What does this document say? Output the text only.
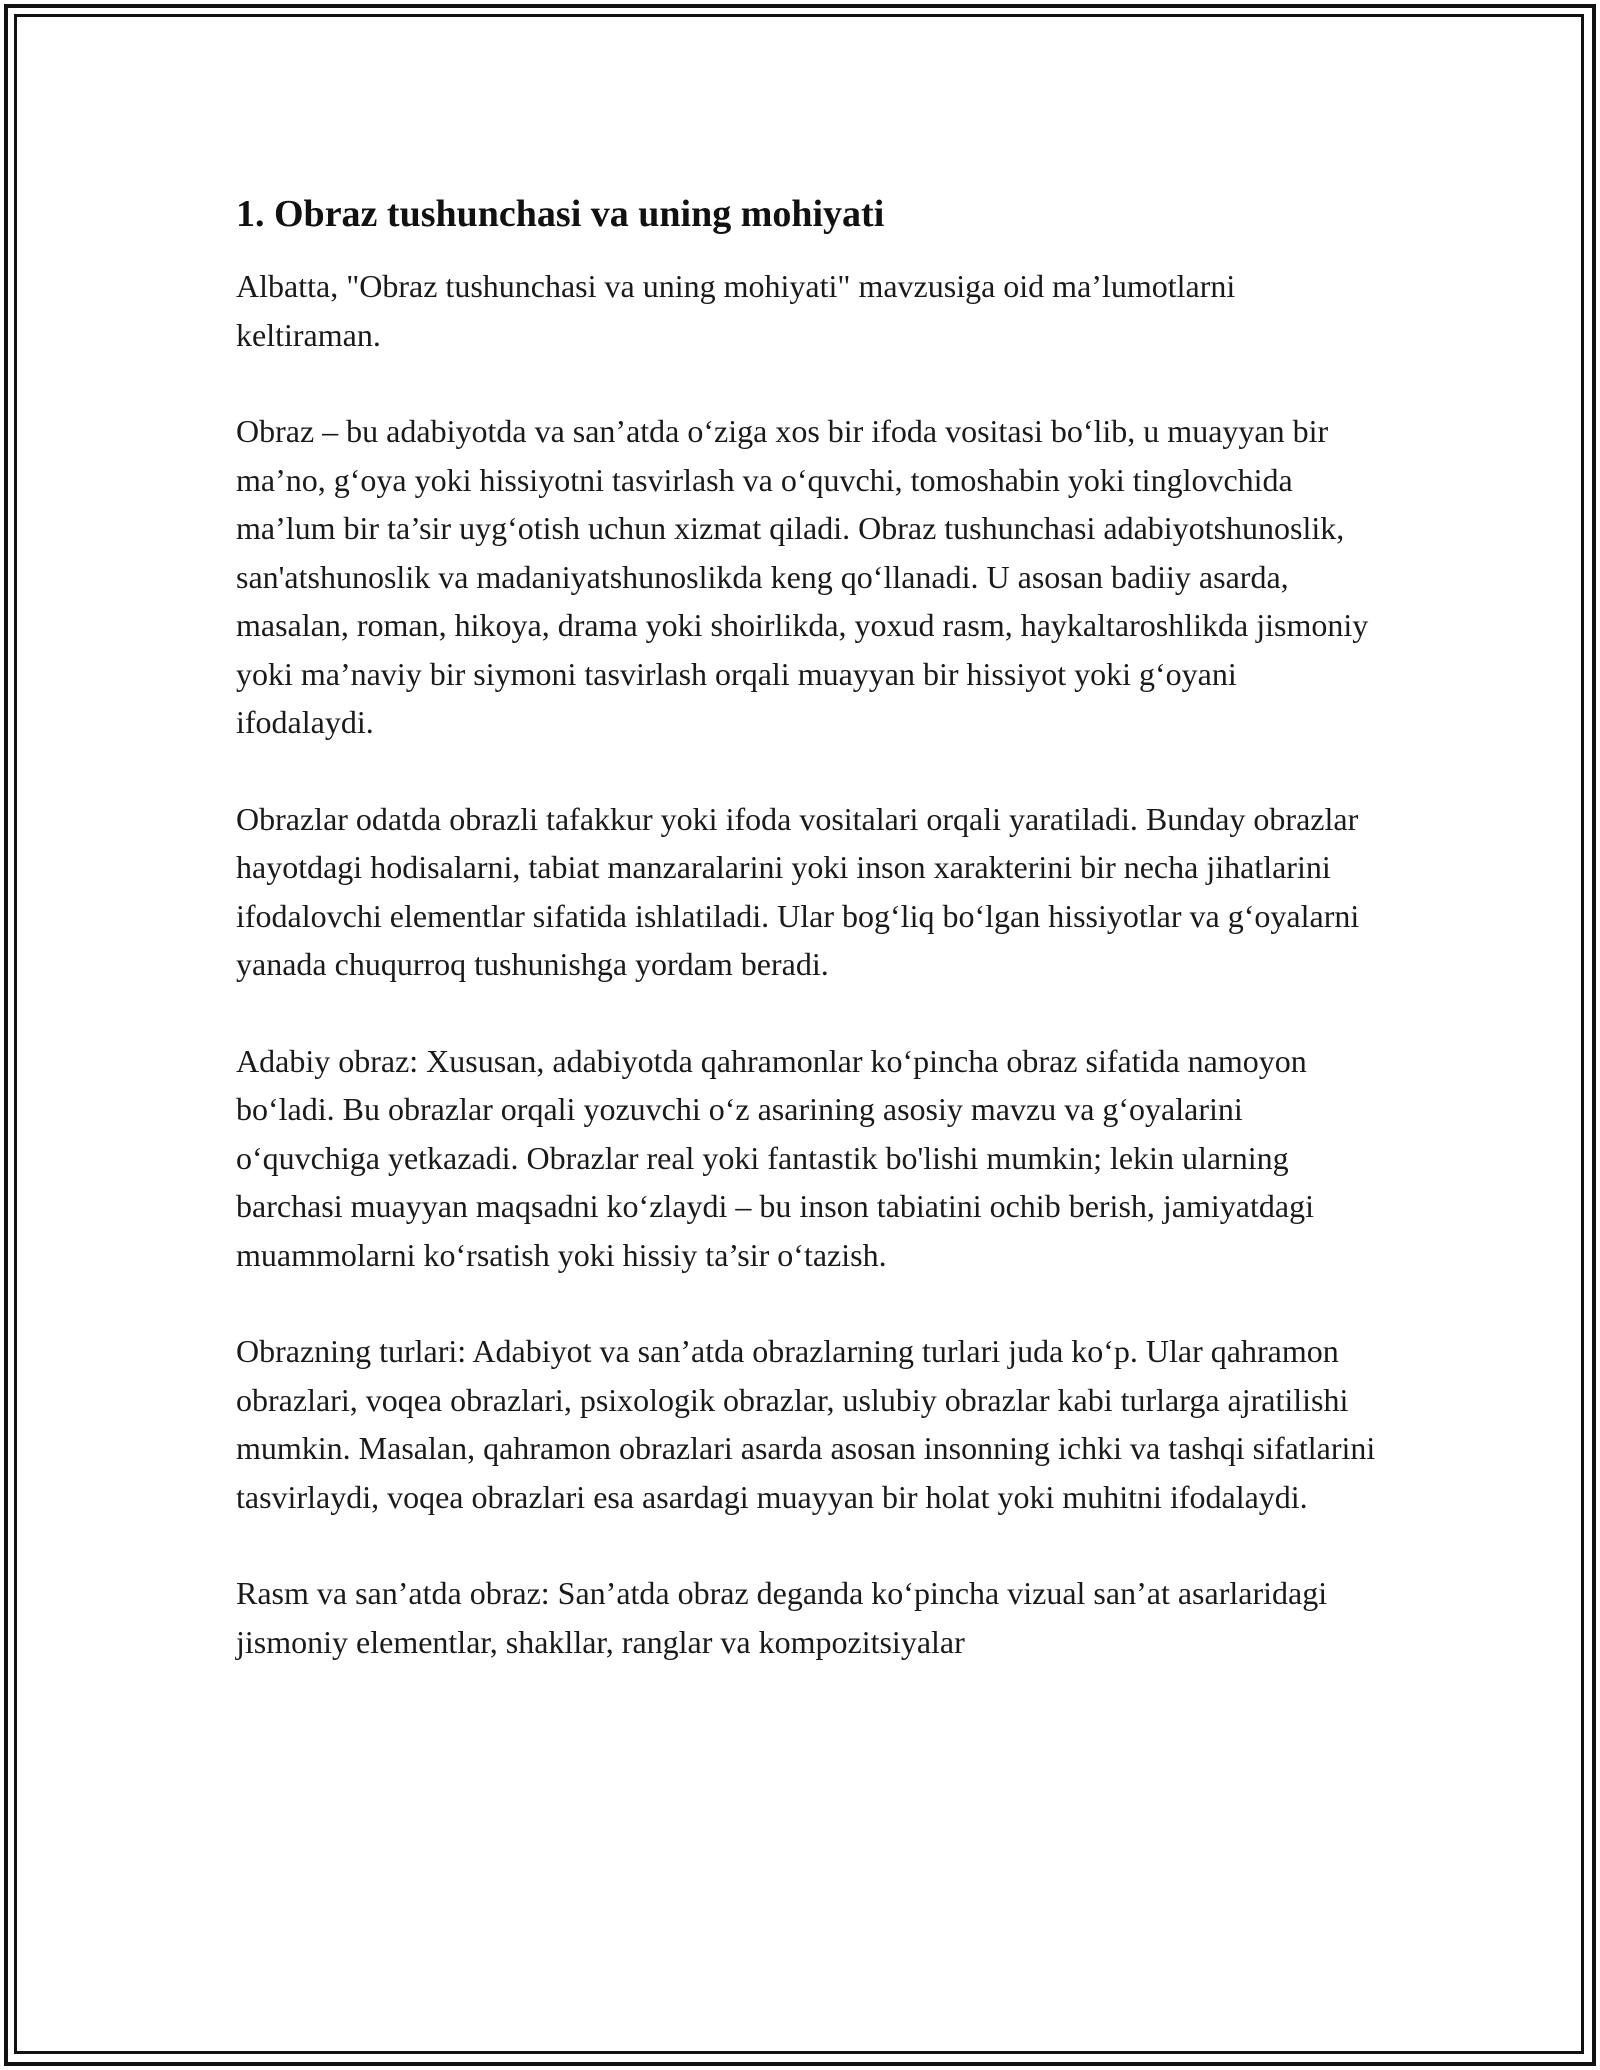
1. Obraz tushunchasi va uning mohiyati

Albatta, "Obraz tushunchasi va uning mohiyati" mavzusiga oid ma’lumotlarni keltiraman.

Obraz – bu adabiyotda va san’atda o‘ziga xos bir ifoda vositasi bo‘lib, u muayyan bir ma’no, g‘oya yoki hissiyotni tasvirlash va o‘quvchi, tomoshabin yoki tinglovchida ma’lum bir ta’sir uyg‘otish uchun xizmat qiladi. Obraz tushunchasi adabiyotshunoslik, san'atshunoslik va madaniyatshunoslikda keng qo‘llanadi. U asosan badiiy asarda, masalan, roman, hikoya, drama yoki shoirlikda, yoxud rasm, haykaltaroshlikda jismoniy yoki ma’naviy bir siymoni tasvirlash orqali muayyan bir hissiyot yoki g‘oyani ifodalaydi.

Obrazlar odatda obrazli tafakkur yoki ifoda vositalari orqali yaratiladi. Bunday obrazlar hayotdagi hodisalarni, tabiat manzaralarini yoki inson xarakterini bir necha jihatlarini ifodalovchi elementlar sifatida ishlatiladi. Ular bog‘liq bo‘lgan hissiyotlar va g‘oyalarni yanada chuqurroq tushunishga yordam beradi.

Adabiy obraz: Xususan, adabiyotda qahramonlar ko‘pincha obraz sifatida namoyon bo‘ladi. Bu obrazlar orqali yozuvchi o‘z asarining asosiy mavzu va g‘oyalarini o‘quvchiga yetkazadi. Obrazlar real yoki fantastik bo'lishi mumkin; lekin ularning barchasi muayyan maqsadni ko‘zlaydi – bu inson tabiatini ochib berish, jamiyatdagi muammolarni ko‘rsatish yoki hissiy ta’sir o‘tazish.

Obrazning turlari: Adabiyot va san’atda obrazlarning turlari juda ko‘p. Ular qahramon obrazlari, voqea obrazlari, psixologik obrazlar, uslubiy obrazlar kabi turlarga ajratilishi mumkin. Masalan, qahramon obrazlari asarda asosan insonning ichki va tashqi sifatlarini tasvirlaydi, voqea obrazlari esa asardagi muayyan bir holat yoki muhitni ifodalaydi.

Rasm va san’atda obraz: San’atda obraz deganda ko‘pincha vizual san’at asarlaridagi jismoniy elementlar, shakllar, ranglar va kompozitsiyalar
